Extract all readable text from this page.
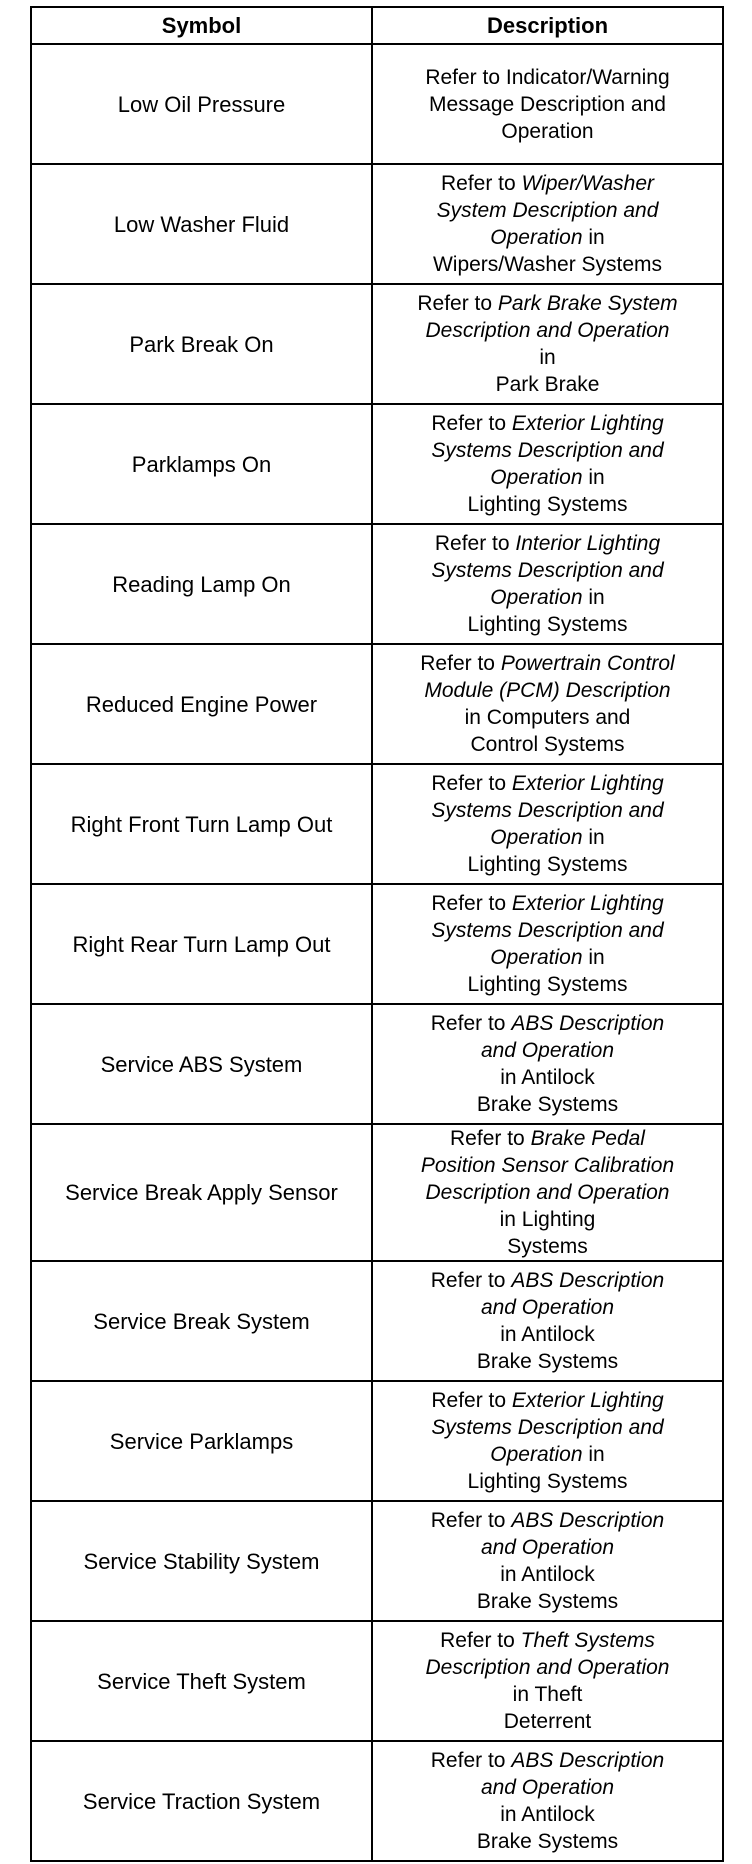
Symbol	Description
Low Oil Pressure	Refer to Indicator/Warning
Message Description and
Operation

Low Washer Fluid	Refer to Wiper/Washer
System Description and
Operation in
Wipers/Washer Systems

Park Break On	Refer to Park Brake System
Description and Operation
in
Park Brake

Parklamps On	Refer to Exterior Lighting
Systems Description and
Operation in
Lighting Systems

Reading Lamp On	Refer to Interior Lighting
Systems Description and
Operation in
Lighting Systems

Reduced Engine Power	Refer to Powertrain Control
Module (PCM) Description
in Computers and
Control Systems

Right Front Turn Lamp Out	Refer to Exterior Lighting
Systems Description and
Operation in
Lighting Systems

Right Rear Turn Lamp Out	Refer to Exterior Lighting
Systems Description and
Operation in
Lighting Systems

Service ABS System	Refer to ABS Description
and Operation
in Antilock
Brake Systems

Service Break Apply Sensor	Refer to Brake Pedal
Position Sensor Calibration
Description and Operation
in Lighting
Systems

Service Break System	Refer to ABS Description
and Operation
in Antilock
Brake Systems

Service Parklamps	Refer to Exterior Lighting
Systems Description and
Operation in
Lighting Systems

Service Stability System	Refer to ABS Description
and Operation
in Antilock
Brake Systems

Service Theft System	Refer to Theft Systems
Description and Operation
in Theft
Deterrent

Service Traction System	Refer to ABS Description
and Operation
in Antilock
Brake Systems
